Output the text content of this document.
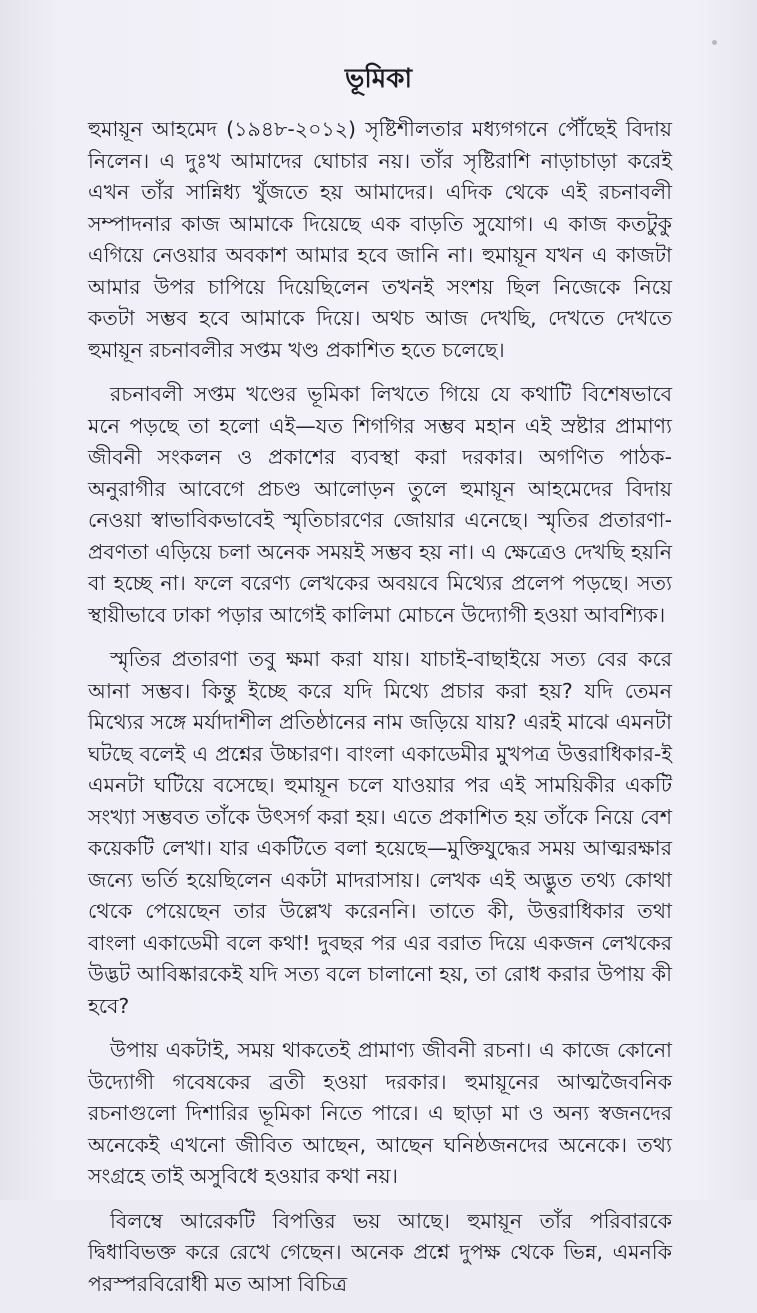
ভূমিকা

হুমায়ূন আহমেদ (১৯৪৮-২০১২) সৃষ্টিশীলতার মধ্যগগনে পৌঁছেই বিদায় নিলেন। এ দুঃখ আমাদের ঘোচার নয়। তাঁর সৃষ্টিরাশি নাড়াচাড়া করেই এখন তাঁর সান্নিধ্য খুঁজতে হয় আমাদের। এদিক থেকে এই রচনাবলী সম্পাদনার কাজ আমাকে দিয়েছে এক বাড়তি সুযোগ। এ কাজ কতটুকু এগিয়ে নেওয়ার অবকাশ আমার হবে জানি না। হুমায়ূন যখন এ কাজটা আমার উপর চাপিয়ে দিয়েছিলেন তখনই সংশয় ছিল নিজেকে নিয়ে কতটা সম্ভব হবে আমাকে দিয়ে। অথচ আজ দেখছি, দেখতে দেখতে হুমায়ূন রচনাবলীর সপ্তম খণ্ড প্রকাশিত হতে চলেছে।

রচনাবলী সপ্তম খণ্ডের ভূমিকা লিখতে গিয়ে যে কথাটি বিশেষভাবে মনে পড়ছে তা হলো এই—যত শিগগির সম্ভব মহান এই স্রষ্টার প্রামাণ্য জীবনী সংকলন ও প্রকাশের ব্যবস্থা করা দরকার। অগণিত পাঠক-অনুরাগীর আবেগে প্রচণ্ড আলোড়ন তুলে হুমায়ূন আহমেদের বিদায় নেওয়া স্বাভাবিকভাবেই স্মৃতিচারণের জোয়ার এনেছে। স্মৃতির প্রতারণা-প্রবণতা এড়িয়ে চলা অনেক সময়ই সম্ভব হয় না। এ ক্ষেত্রেও দেখছি হয়নি বা হচ্ছে না। ফলে বরেণ্য লেখকের অবয়বে মিথ্যের প্রলেপ পড়ছে। সত্য স্থায়ীভাবে ঢাকা পড়ার আগেই কালিমা মোচনে উদ্যোগী হওয়া আবশ্যিক।

স্মৃতির প্রতারণা তবু ক্ষমা করা যায়। যাচাই-বাছাইয়ে সত্য বের করে আনা সম্ভব। কিন্তু ইচ্ছে করে যদি মিথ্যে প্রচার করা হয়? যদি তেমন মিথ্যের সঙ্গে মর্যাদাশীল প্রতিষ্ঠানের নাম জড়িয়ে যায়? এরই মাঝে এমনটা ঘটছে বলেই এ প্রশ্নের উচ্চারণ। বাংলা একাডেমীর মুখপত্র উত্তরাধিকার-ই এমনটা ঘটিয়ে বসেছে। হুমায়ূন চলে যাওয়ার পর এই সাময়িকীর একটি সংখ্যা সম্ভবত তাঁকে উৎসর্গ করা হয়। এতে প্রকাশিত হয় তাঁকে নিয়ে বেশ কয়েকটি লেখা। যার একটিতে বলা হয়েছে—মুক্তিযুদ্ধের সময় আত্মরক্ষার জন্যে ভর্তি হয়েছিলেন একটা মাদরাসায়। লেখক এই অদ্ভুত তথ্য কোথা থেকে পেয়েছেন তার উল্লেখ করেননি। তাতে কী, উত্তরাধিকার তথা বাংলা একাডেমী বলে কথা! দুবছর পর এর বরাত দিয়ে একজন লেখকের উদ্ভট আবিষ্কারকেই যদি সত্য বলে চালানো হয়, তা রোধ করার উপায় কী হবে?

উপায় একটাই, সময় থাকতেই প্রামাণ্য জীবনী রচনা। এ কাজে কোনো উদ্যোগী গবেষকের ব্রতী হওয়া দরকার। হুমায়ূনের আত্মজৈবনিক রচনাগুলো দিশারির ভূমিকা নিতে পারে। এ ছাড়া মা ও অন্য স্বজনদের অনেকেই এখনো জীবিত আছেন, আছেন ঘনিষ্ঠজনদের অনেকে। তথ্য সংগ্রহে তাই অসুবিধে হওয়ার কথা নয়।

বিলম্বে আরেকটি বিপত্তির ভয় আছে। হুমায়ূন তাঁর পরিবারকে দ্বিধাবিভক্ত করে রেখে গেছেন। অনেক প্রশ্নে দুপক্ষ থেকে ভিন্ন, এমনকি পরস্পরবিরোধী মত আসা বিচিত্র
